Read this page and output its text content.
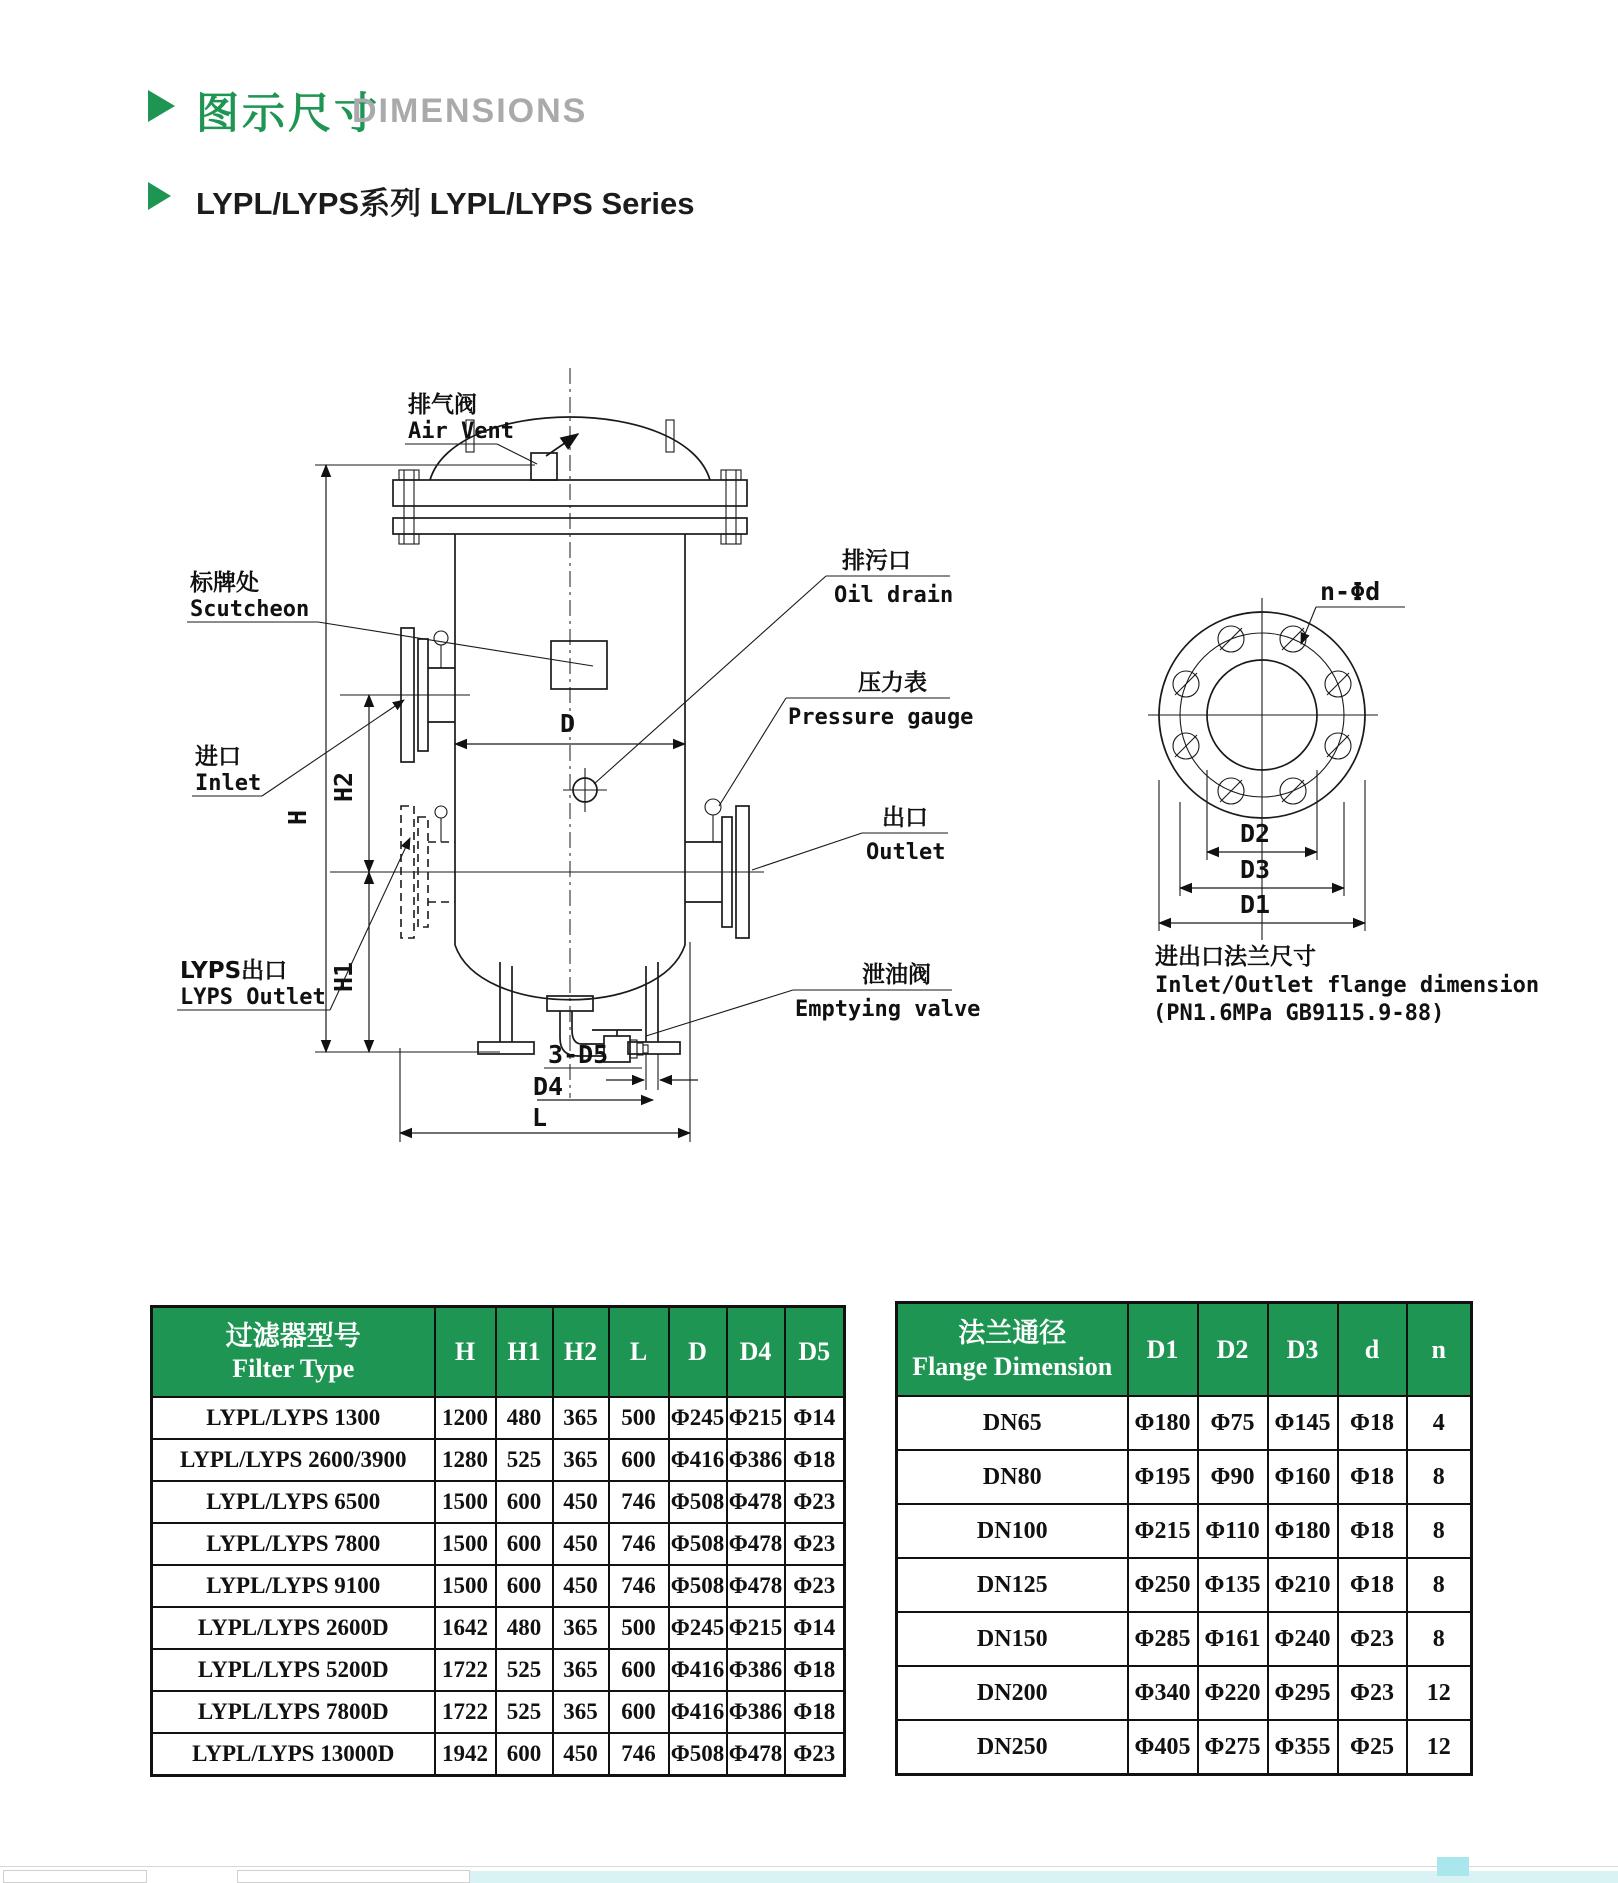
图示尺寸
DIMENSIONS
LYPL/LYPS系列 LYPL/LYPS Series
H
H2
H1
D
3-D5
D4
L
排气阀
Air Vent
标牌处
Scutcheon
进口
Inlet
LYPS出口
LYPS Outlet
排污口
Oil drain
压力表
Pressure gauge
出口
Outlet
泄油阀
Emptying valve
n-Φd
D2
D3
D1
进出口法兰尺寸
Inlet/Outlet flange dimension
(PN1.6MPa GB9115.9-88)
过滤器型号
Filter Type	H	H1	H2	L	D	D4	D5
LYPL/LYPS 1300	1200	480	365	500	Φ245	Φ215	Φ14
LYPL/LYPS 2600/3900	1280	525	365	600	Φ416	Φ386	Φ18
LYPL/LYPS 6500	1500	600	450	746	Φ508	Φ478	Φ23
LYPL/LYPS 7800	1500	600	450	746	Φ508	Φ478	Φ23
LYPL/LYPS 9100	1500	600	450	746	Φ508	Φ478	Φ23
LYPL/LYPS 2600D	1642	480	365	500	Φ245	Φ215	Φ14
LYPL/LYPS 5200D	1722	525	365	600	Φ416	Φ386	Φ18
LYPL/LYPS 7800D	1722	525	365	600	Φ416	Φ386	Φ18
LYPL/LYPS 13000D	1942	600	450	746	Φ508	Φ478	Φ23
法兰通径
Flange Dimension	D1	D2	D3	d	n
DN65	Φ180	Φ75	Φ145	Φ18	4
DN80	Φ195	Φ90	Φ160	Φ18	8
DN100	Φ215	Φ110	Φ180	Φ18	8
DN125	Φ250	Φ135	Φ210	Φ18	8
DN150	Φ285	Φ161	Φ240	Φ23	8
DN200	Φ340	Φ220	Φ295	Φ23	12
DN250	Φ405	Φ275	Φ355	Φ25	12
